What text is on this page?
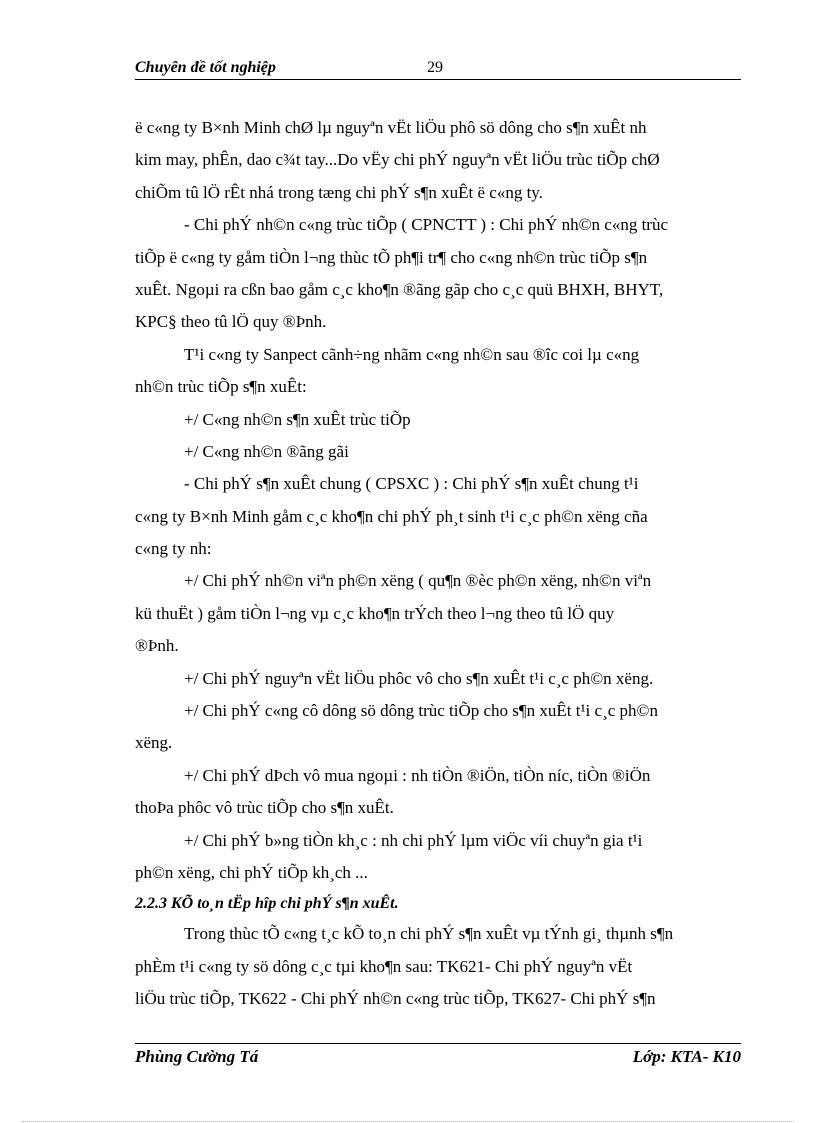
Chuyên đề tốt nghiệp	29
ë c«ng ty B×nh Minh chØ lµ nguyªn vËt liÖu phô sö dông cho s¶n xuÊt nh
kim may, phÊn, dao c¾t tay...Do vËy chi phÝ nguyªn vËt liÖu trùc tiÕp chØ
chiÕm tû lÖ rÊt nhá trong tæng chi phÝ s¶n xuÊt ë c«ng ty.
- Chi phÝ nh©n c«ng trùc tiÕp ( CPNCTT ) : Chi phÝ nh©n c«ng trùc
tiÕp ë c«ng ty gåm tiÒn l¬ng thùc tÕ ph¶i tr¶ cho c«ng nh©n trùc tiÕp s¶n
xuÊt. Ngoµi ra cßn bao gåm c¸c kho¶n ®ãng gãp cho c¸c quü BHXH, BHYT,
KPC§ theo tû lÖ quy ®Þnh.
T¹i c«ng ty Sanpect cãnh÷ng nhãm c«ng nh©n sau ®îc coi lµ c«ng
nh©n trùc tiÕp s¶n xuÊt:
+/ C«ng nh©n s¶n xuÊt trùc tiÕp
+/ C«ng nh©n ®ãng gãi
- Chi phÝ s¶n xuÊt chung ( CPSXC ) : Chi phÝ s¶n xuÊt chung t¹i
c«ng ty B×nh Minh gåm c¸c kho¶n chi phÝ ph¸t sinh t¹i c¸c ph©n xëng cña
c«ng ty nh:
+/ Chi phÝ nh©n viªn ph©n xëng ( qu¶n ®èc ph©n xëng, nh©n viªn
kü thuËt ) gåm tiÒn l¬ng vµ c¸c kho¶n trÝch theo l¬ng theo tû lÖ quy
®Þnh.
+/ Chi phÝ nguyªn vËt liÖu phôc vô cho s¶n xuÊt t¹i c¸c ph©n xëng.
+/ Chi phÝ c«ng cô dông sö dông trùc tiÕp cho s¶n xuÊt t¹i c¸c ph©n
xëng.
+/ Chi phÝ dÞch vô mua ngoµi : nh tiÒn ®iÖn, tiÒn níc, tiÒn ®iÖn
thoÞa phôc vô trùc tiÕp cho s¶n xuÊt.
+/ Chi phÝ b»ng tiÒn kh¸c : nh chi phÝ lµm viÖc víi chuyªn gia t¹i
ph©n xëng, chi phÝ tiÕp kh¸ch ...
2.2.3 KÕ to¸n tËp hîp chi phÝ s¶n xuÊt.
Trong thùc tÕ c«ng t¸c kÕ to¸n chi phÝ s¶n xuÊt vµ tÝnh gi¸ thµnh s¶n
phÈm t¹i c«ng ty sö dông c¸c tµi kho¶n sau: TK621- Chi phÝ nguyªn vËt
liÖu trùc tiÕp, TK622 - Chi phÝ nh©n c«ng trùc tiÕp, TK627- Chi phÝ s¶n
Phùng Cường Tá	Lớp: KTA- K10
